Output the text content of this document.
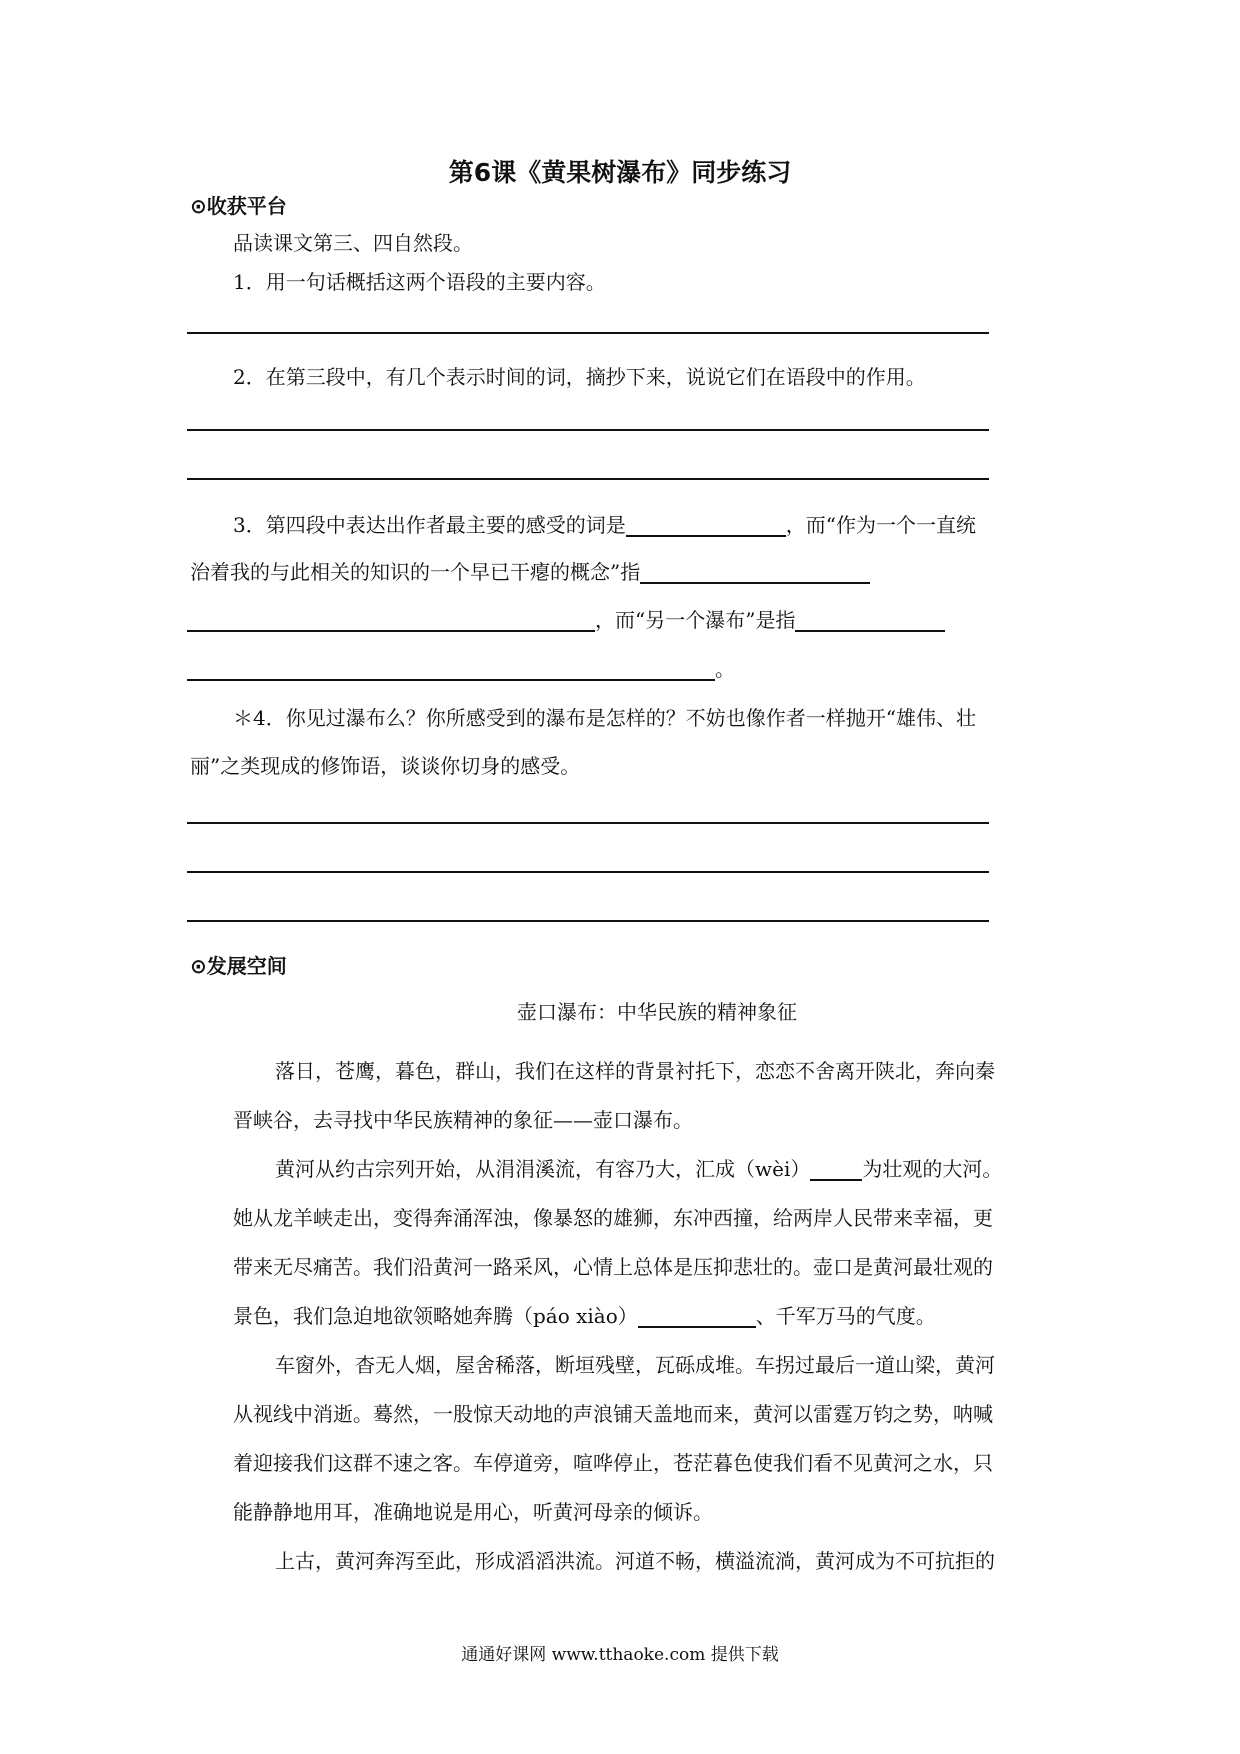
第6课《黄果树瀑布》同步练习
⊙收获平台
品读课文第三、四自然段。
1．用一句话概括这两个语段的主要内容。
2．在第三段中，有几个表示时间的词，摘抄下来，说说它们在语段中的作用。
3．第四段中表达出作者最主要的感受的词是	，而“作为一个一直统
治着我的与此相关的知识的一个早已干瘪的概念”指
，而“另一个瀑布”是指
。
＊4．你见过瀑布么？你所感受到的瀑布是怎样的？不妨也像作者一样抛开“雄伟、壮
丽”之类现成的修饰语，谈谈你切身的感受。
⊙发展空间
壶口瀑布：中华民族的精神象征
落日，苍鹰，暮色，群山，我们在这样的背景衬托下，恋恋不舍离开陕北，奔向秦
晋峡谷，去寻找中华民族精神的象征——壶口瀑布。
黄河从约古宗列开始，从涓涓溪流，有容乃大，汇成（wèi）	为壮观的大河。
她从龙羊峡走出，变得奔涌浑浊，像暴怒的雄狮，东冲西撞，给两岸人民带来幸福，更
带来无尽痛苦。我们沿黄河一路采风，心情上总体是压抑悲壮的。壶口是黄河最壮观的
景色，我们急迫地欲领略她奔腾（páo xiào）	、千军万马的气度。
车窗外，杳无人烟，屋舍稀落，断垣残壁，瓦砾成堆。车拐过最后一道山梁，黄河
从视线中消逝。蓦然，一股惊天动地的声浪铺天盖地而来，黄河以雷霆万钧之势，呐喊
着迎接我们这群不速之客。车停道旁，喧哗停止，苍茫暮色使我们看不见黄河之水，只
能静静地用耳，准确地说是用心，听黄河母亲的倾诉。
上古，黄河奔泻至此，形成滔滔洪流。河道不畅，横溢流淌，黄河成为不可抗拒的
通通好课网 www.tthaoke.com 提供下载
